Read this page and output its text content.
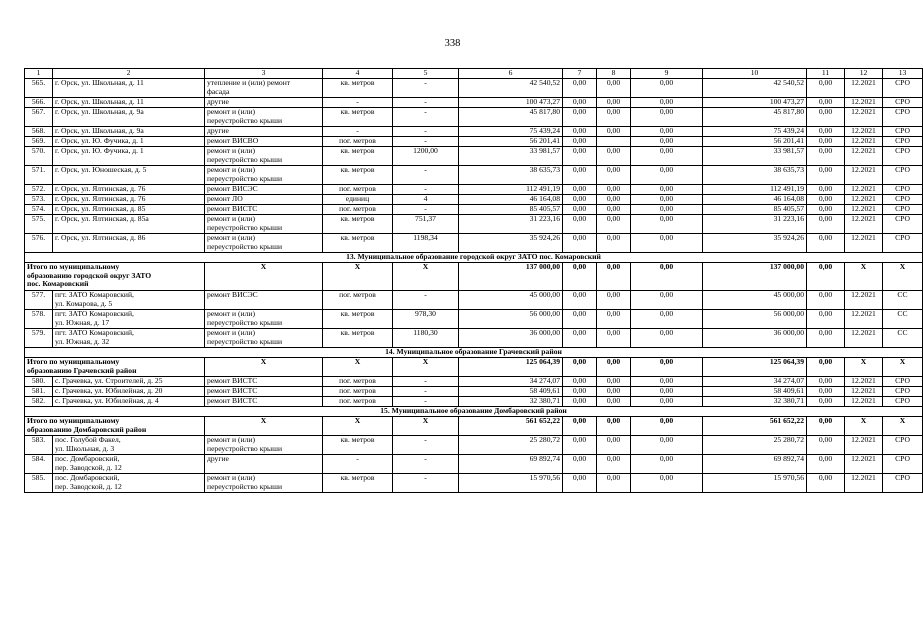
338
1	2	3	4	5	6	7	8	9	10	11	12	13
565.	г. Орск, ул. Школьная, д. 11	утепление и (или) ремонт
фасада	кв. метров	-	42 540,52	0,00	0,00	0,00	42 540,52	0,00	12.2021	СРО
566.	г. Орск, ул. Школьная, д. 11	другие	-	-	100 473,27	0,00	0,00	0,00	100 473,27	0,00	12.2021	СРО
567.	г. Орск, ул. Школьная, д. 9а	ремонт и (или)
переустройство крыши	кв. метров	-	45 817,80	0,00	0,00	0,00	45 817,80	0,00	12.2021	СРО
568.	г. Орск, ул. Школьная, д. 9а	другие	-	-	75 439,24	0,00	0,00	0,00	75 439,24	0,00	12.2021	СРО
569.	г. Орск, ул. Ю. Фучика, д. 1	ремонт ВИСВО	пог. метров	-	56 201,41	0,00		0,00	56 201,41	0,00	12.2021	СРО
570.	г. Орск, ул. Ю. Фучика, д. 1	ремонт и (или)
переустройство крыши	кв. метров	1200,00	33 981,57	0,00	0,00	0,00	33 981,57	0,00	12.2021	СРО
571.	г. Орск, ул. Юношеская, д. 5	ремонт и (или)
переустройство крыши	кв. метров	-	38 635,73	0,00	0,00	0,00	38 635,73	0,00	12.2021	СРО
572.	г. Орск, ул. Ялтинская, д. 76	ремонт ВИСЭС	пог. метров	-	112 491,19	0,00	0,00	0,00	112 491,19	0,00	12.2021	СРО
573.	г. Орск, ул. Ялтинская, д. 76	ремонт ЛО	единиц	4	46 164,08	0,00	0,00	0,00	46 164,08	0,00	12.2021	СРО
574.	г. Орск, ул. Ялтинская, д. 85	ремонт ВИСТС	пог. метров	-	85 405,57	0,00	0,00	0,00	85 405,57	0,00	12.2021	СРО
575.	г. Орск, ул. Ялтинская, д. 85а	ремонт и (или)
переустройство крыши	кв. метров	751,37	31 223,16	0,00	0,00	0,00	31 223,16	0,00	12.2021	СРО
576.	г. Орск, ул. Ялтинская, д. 86	ремонт и (или)
переустройство крыши	кв. метров	1198,34	35 924,26	0,00	0,00	0,00	35 924,26	0,00	12.2021	СРО
13. Муниципальное образование городской округ ЗАТО пос. Комаровский												
Итого по муниципальному
образованию городской округ ЗАТО
пос. Комаровский		X	X	X	137 000,00	0,00	0,00	0,00	137 000,00	0,00	X	X
577.	пгт. ЗАТО Комаровский,
ул. Комарова, д. 5	ремонт ВИСЭС	пог. метров	-	45 000,00	0,00	0,00	0,00	45 000,00	0,00	12.2021	СС
578.	пгт. ЗАТО Комаровский,
ул. Южная, д. 17	ремонт и (или)
переустройство крыши	кв. метров	978,30	56 000,00	0,00	0,00	0,00	56 000,00	0,00	12.2021	СС
579.	пгт. ЗАТО Комаровский,
ул. Южная, д. 32	ремонт и (или)
переустройство крыши	кв. метров	1180,30	36 000,00	0,00	0,00	0,00	36 000,00	0,00	12.2021	СС
14. Муниципальное образование Грачевский район												
Итого по муниципальному
образованию Грачевский район		X	X	X	125 064,39	0,00	0,00	0,00	125 064,39	0,00	X	X
580.	с. Грачевка, ул. Строителей, д. 25	ремонт ВИСТС	пог. метров	-	34 274,07	0,00	0,00	0,00	34 274,07	0,00	12.2021	СРО
581.	с. Грачевка, ул. Юбилейная, д. 20	ремонт ВИСТС	пог. метров	-	58 409,61	0,00	0,00	0,00	58 409,61	0,00	12.2021	СРО
582.	с. Грачевка, ул. Юбилейная, д. 4	ремонт ВИСТС	пог. метров	-	32 380,71	0,00	0,00	0,00	32 380,71	0,00	12.2021	СРО
15. Муниципальное образование Домбаровский район												
Итого по муниципальному
образованию Домбаровский район		X	X	X	561 652,22	0,00	0,00	0,00	561 652,22	0,00	X	X
583.	пос. Голубой Факел,
ул. Школьная, д. 3	ремонт и (или)
переустройство крыши	кв. метров	-	25 280,72	0,00	0,00	0,00	25 280,72	0,00	12.2021	СРО
584.	пос. Домбаровский,
пер. Заводской, д. 12	другие	-	-	69 892,74	0,00	0,00	0,00	69 892,74	0,00	12.2021	СРО
585.	пос. Домбаровский,
пер. Заводской, д. 12	ремонт и (или)
переустройство крыши	кв. метров	-	15 970,56	0,00	0,00	0,00	15 970,56	0,00	12.2021	СРО
